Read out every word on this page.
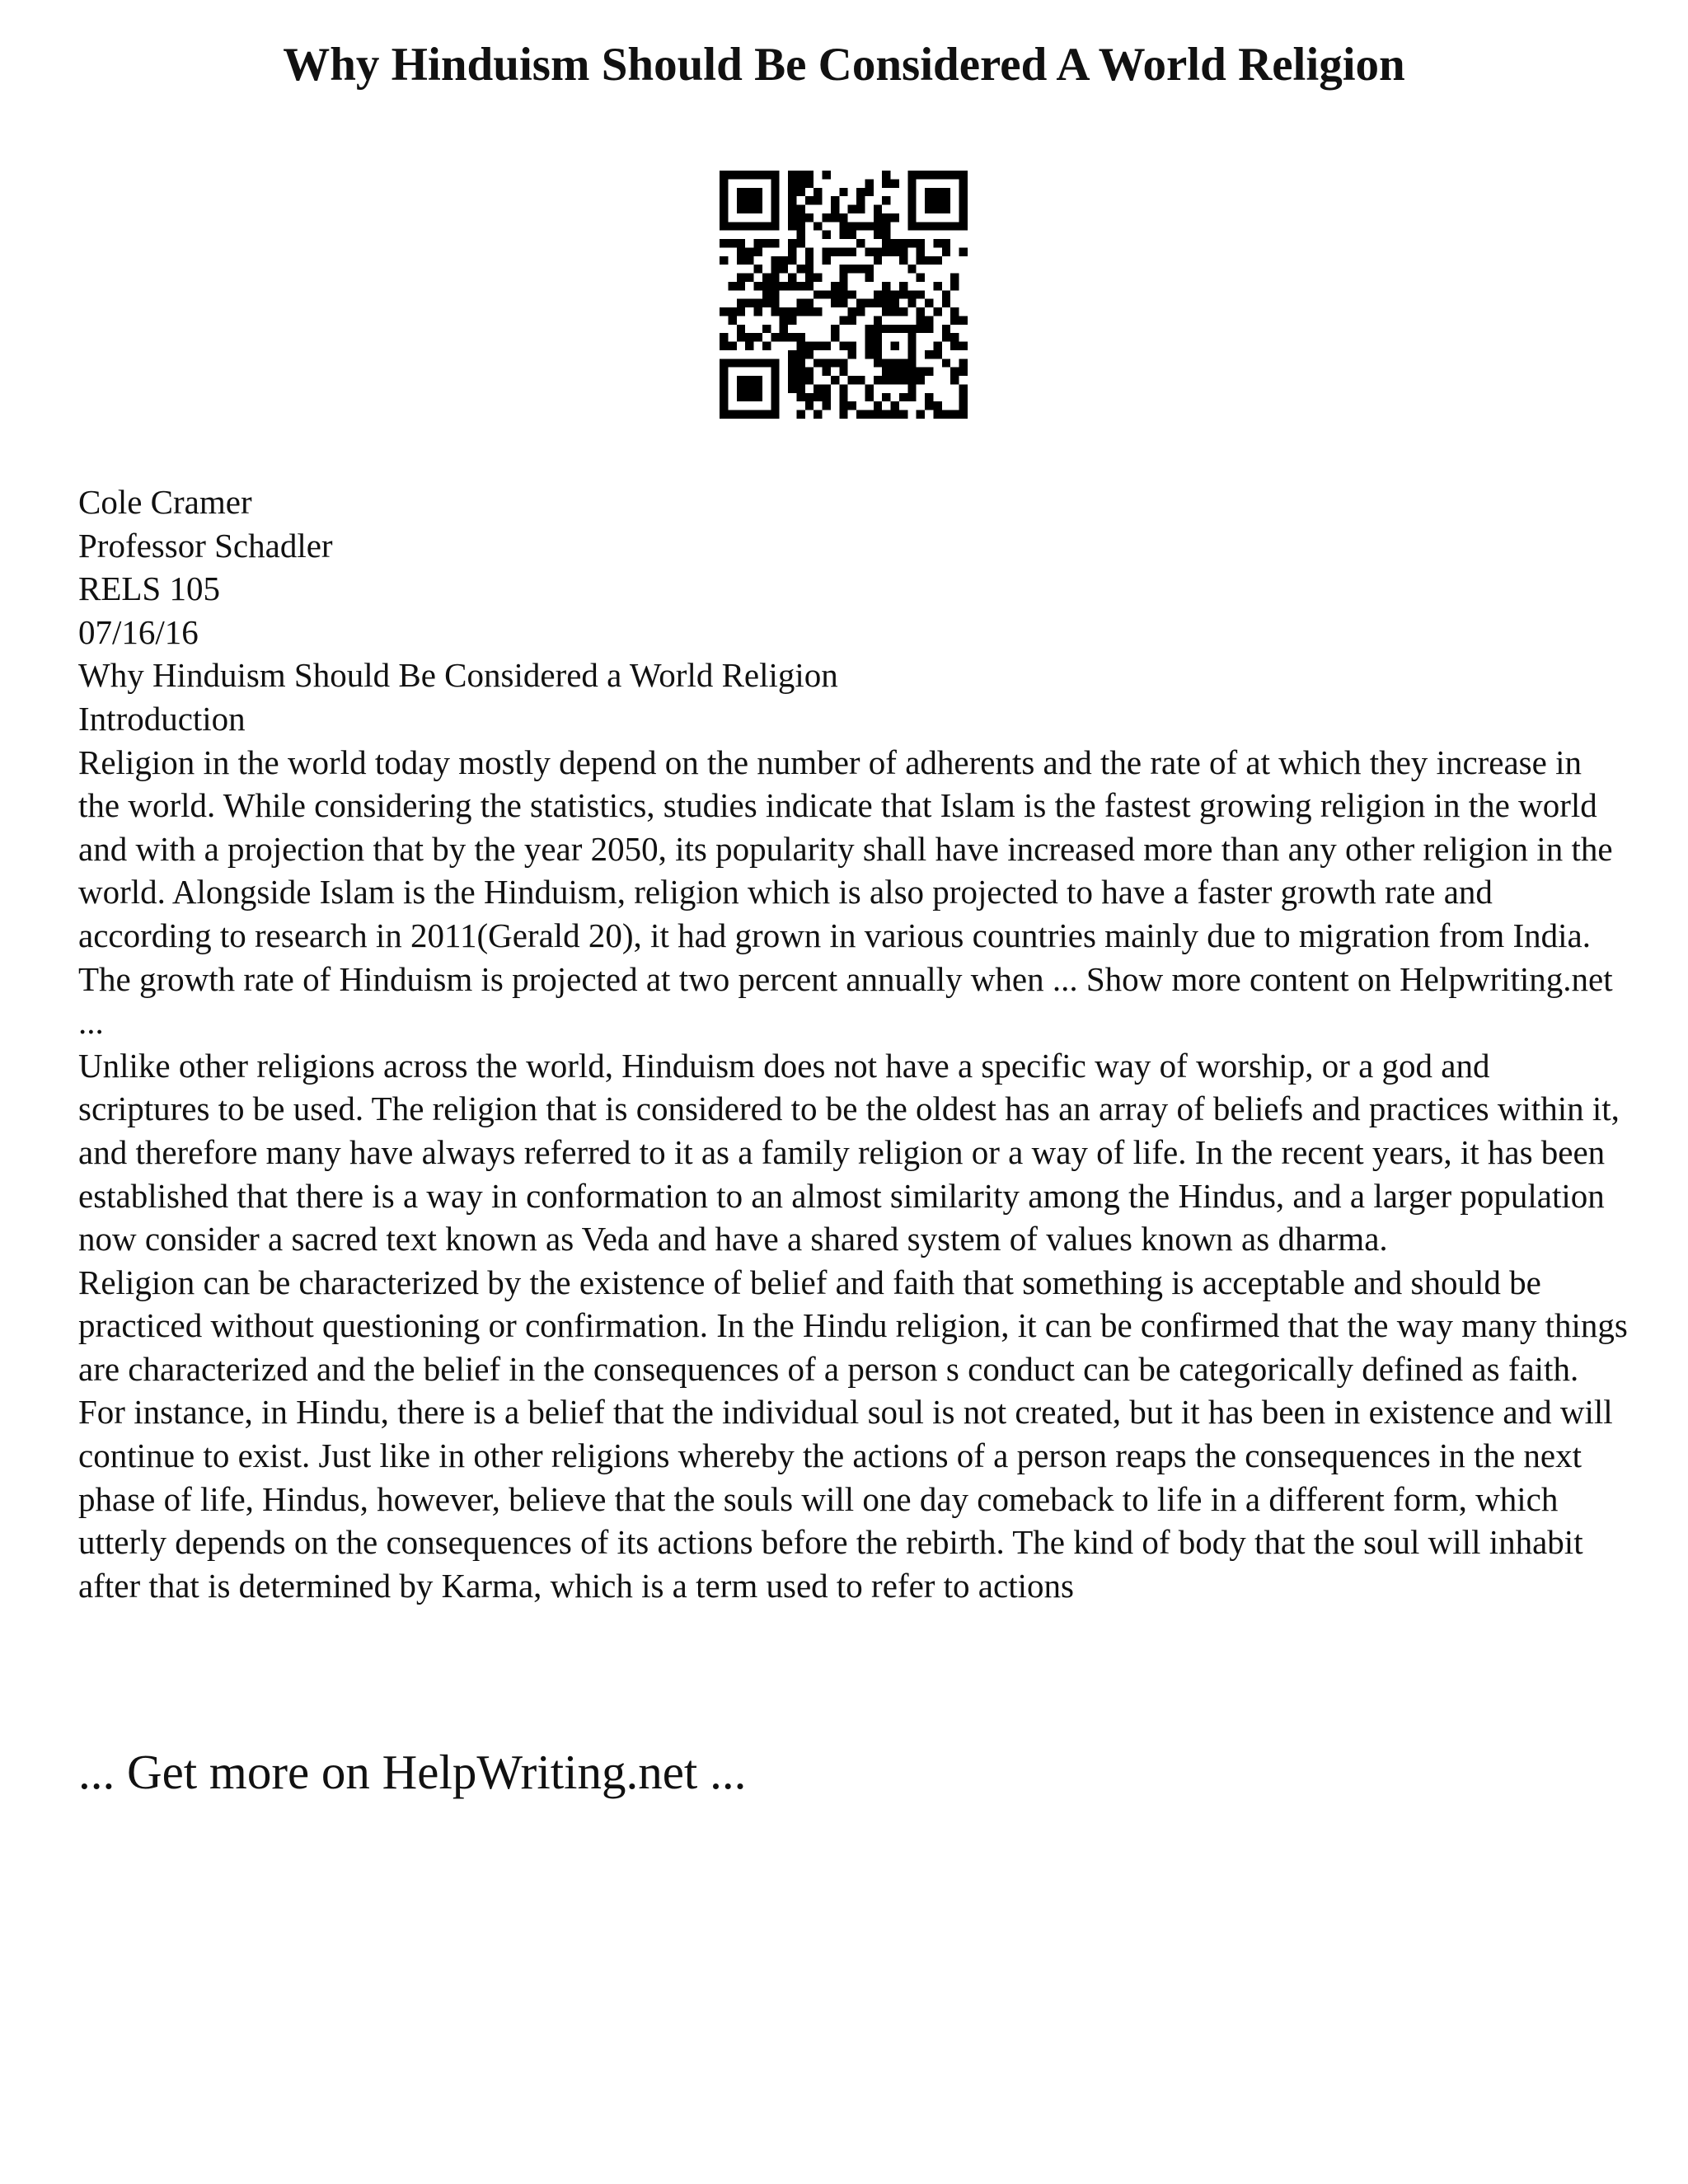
Why Hinduism Should Be Considered A World Religion
Cole Cramer
Professor Schadler
RELS 105
07/16/16
Why Hinduism Should Be Considered a World Religion
Introduction

Religion in the world today mostly depend on the number of adherents and the rate of at which they increase in the world. While considering the statistics, studies indicate that Islam is the fastest growing religion in the world and with a projection that by the year 2050, its popularity shall have increased more than any other religion in the world. Alongside Islam is the Hinduism, religion which is also projected to have a faster growth rate and according to research in 2011(Gerald 20), it had grown in various countries mainly due to migration from India. The growth rate of Hinduism is projected at two percent annually when ... Show more content on Helpwriting.net ...

Unlike other religions across the world, Hinduism does not have a specific way of worship, or a god and scriptures to be used. The religion that is considered to be the oldest has an array of beliefs and practices within it, and therefore many have always referred to it as a family religion or a way of life. In the recent years, it has been established that there is a way in conformation to an almost similarity among the Hindus, and a larger population now consider a sacred text known as Veda and have a shared system of values known as dharma.

Religion can be characterized by the existence of belief and faith that something is acceptable and should be practiced without questioning or confirmation. In the Hindu religion, it can be confirmed that the way many things are characterized and the belief in the consequences of a person s conduct can be categorically defined as faith. For instance, in Hindu, there is a belief that the individual soul is not created, but it has been in existence and will continue to exist. Just like in other religions whereby the actions of a person reaps the consequences in the next phase of life, Hindus, however, believe that the souls will one day comeback to life in a different form, which utterly depends on the consequences of its actions before the rebirth. The kind of body that the soul will inhabit after that is determined by Karma, which is a term used to refer to actions

... Get more on HelpWriting.net ...
